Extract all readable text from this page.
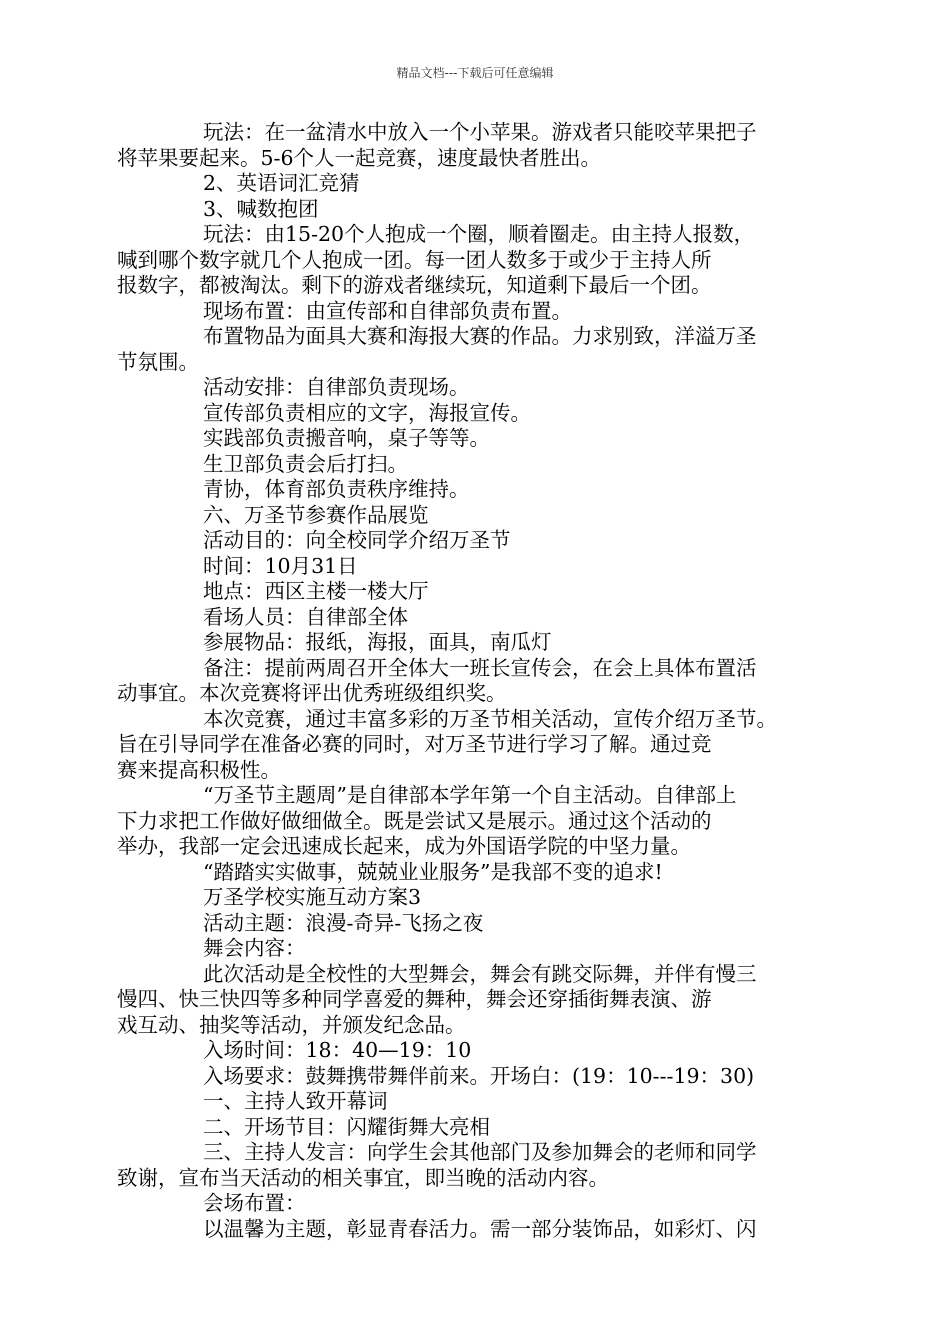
精品文档---下载后可任意编辑

玩法：在一盆清水中放入一个小苹果。游戏者只能咬苹果把子

将苹果要起来。5-6个人一起竞赛，速度最快者胜出。

2、英语词汇竞猜

3、喊数抱团

玩法：由15-20个人抱成一个圈，顺着圈走。由主持人报数，

喊到哪个数字就几个人抱成一团。每一团人数多于或少于主持人所

报数字，都被淘汰。剩下的游戏者继续玩，知道剩下最后一个团。

现场布置：由宣传部和自律部负责布置。

布置物品为面具大赛和海报大赛的作品。力求别致，洋溢万圣

节氛围。

活动安排：自律部负责现场。

宣传部负责相应的文字，海报宣传。

实践部负责搬音响，桌子等等。

生卫部负责会后打扫。

青协，体育部负责秩序维持。

六、万圣节参赛作品展览

活动目的：向全校同学介绍万圣节

时间：10月31日

地点：西区主楼一楼大厅

看场人员：自律部全体

参展物品：报纸，海报，面具，南瓜灯

备注：提前两周召开全体大一班长宣传会，在会上具体布置活

动事宜。本次竞赛将评出优秀班级组织奖。

本次竞赛，通过丰富多彩的万圣节相关活动，宣传介绍万圣节。

旨在引导同学在准备必赛的同时，对万圣节进行学习了解。通过竞

赛来提高积极性。

“万圣节主题周”是自律部本学年第一个自主活动。自律部上

下力求把工作做好做细做全。既是尝试又是展示。通过这个活动的

举办，我部一定会迅速成长起来，成为外国语学院的中坚力量。

“踏踏实实做事，兢兢业业服务”是我部不变的追求!

万圣学校实施互动方案3

活动主题：浪漫-奇异-飞扬之夜

舞会内容：

此次活动是全校性的大型舞会，舞会有跳交际舞，并伴有慢三

慢四、快三快四等多种同学喜爱的舞种，舞会还穿插街舞表演、游

戏互动、抽奖等活动，并颁发纪念品。

入场时间：18：40—19：10

入场要求：鼓舞携带舞伴前来。开场白：(19：10---19：30)

一、主持人致开幕词

二、开场节目：闪耀街舞大亮相

三、主持人发言：向学生会其他部门及参加舞会的老师和同学

致谢，宣布当天活动的相关事宜，即当晚的活动内容。

会场布置：

以温馨为主题，彰显青春活力。需一部分装饰品，如彩灯、闪
